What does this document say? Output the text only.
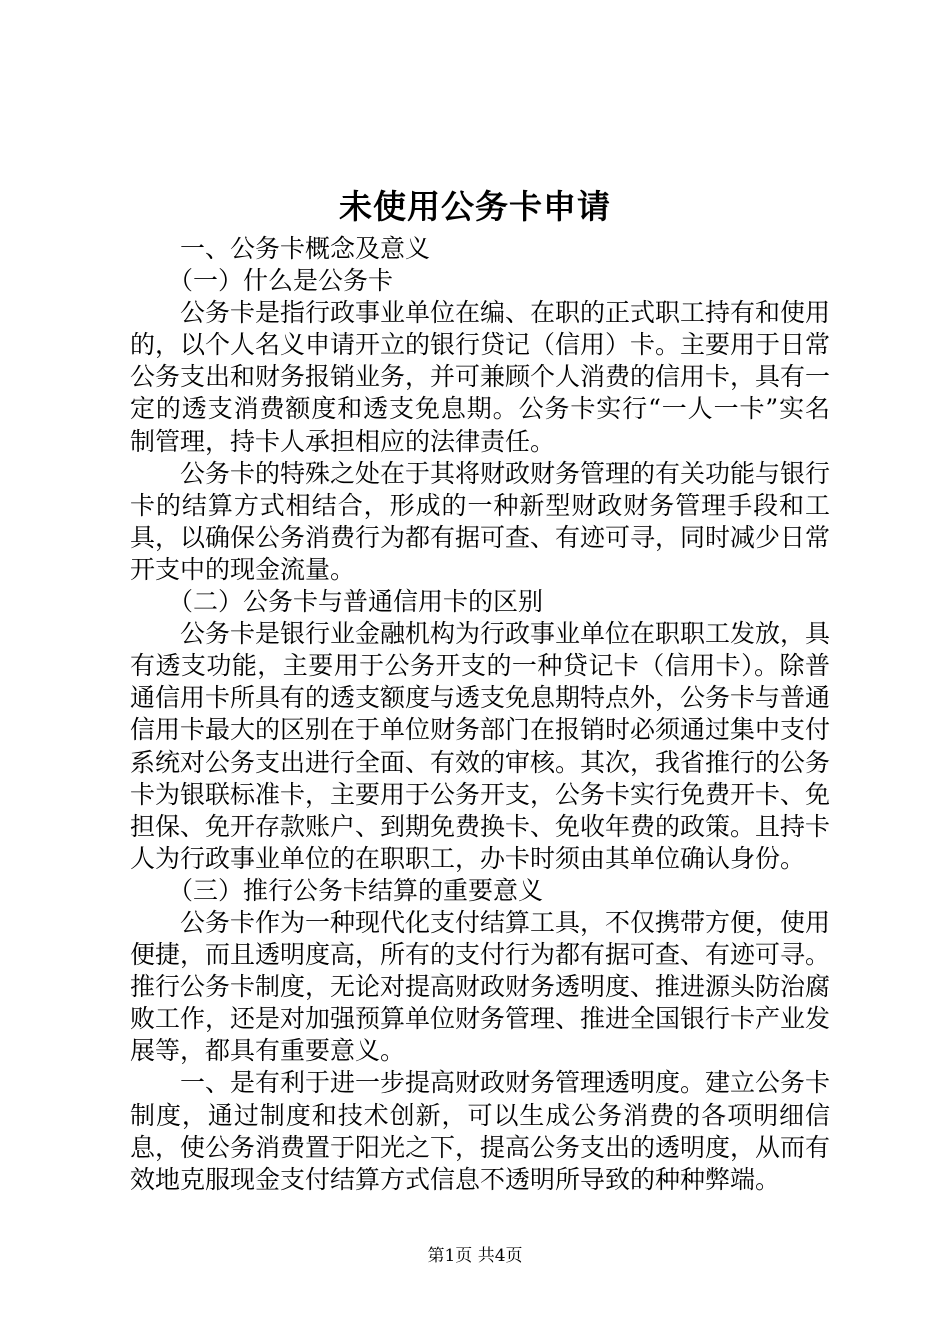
未使用公务卡申请

一、公务卡概念及意义

（一）什么是公务卡

公务卡是指行政事业单位在编、在职的正式职工持有和使用的，以个人名义申请开立的银行贷记（信用）卡。主要用于日常公务支出和财务报销业务，并可兼顾个人消费的信用卡，具有一定的透支消费额度和透支免息期。公务卡实行“一人一卡”实名制管理，持卡人承担相应的法律责任。

公务卡的特殊之处在于其将财政财务管理的有关功能与银行卡的结算方式相结合，形成的一种新型财政财务管理手段和工具，以确保公务消费行为都有据可查、有迹可寻，同时减少日常开支中的现金流量。

（二）公务卡与普通信用卡的区别

公务卡是银行业金融机构为行政事业单位在职职工发放，具有透支功能，主要用于公务开支的一种贷记卡（信用卡）。除普通信用卡所具有的透支额度与透支免息期特点外，公务卡与普通信用卡最大的区别在于单位财务部门在报销时必须通过集中支付系统对公务支出进行全面、有效的审核。其次，我省推行的公务卡为银联标准卡，主要用于公务开支，公务卡实行免费开卡、免担保、免开存款账户、到期免费换卡、免收年费的政策。且持卡人为行政事业单位的在职职工，办卡时须由其单位确认身份。

（三）推行公务卡结算的重要意义

公务卡作为一种现代化支付结算工具，不仅携带方便，使用便捷，而且透明度高，所有的支付行为都有据可查、有迹可寻。推行公务卡制度，无论对提高财政财务透明度、推进源头防治腐败工作，还是对加强预算单位财务管理、推进全国银行卡产业发展等，都具有重要意义。

一、是有利于进一步提高财政财务管理透明度。建立公务卡制度，通过制度和技术创新，可以生成公务消费的各项明细信息，使公务消费置于阳光之下，提高公务支出的透明度，从而有效地克服现金支付结算方式信息不透明所导致的种种弊端。

第1页 共4页
